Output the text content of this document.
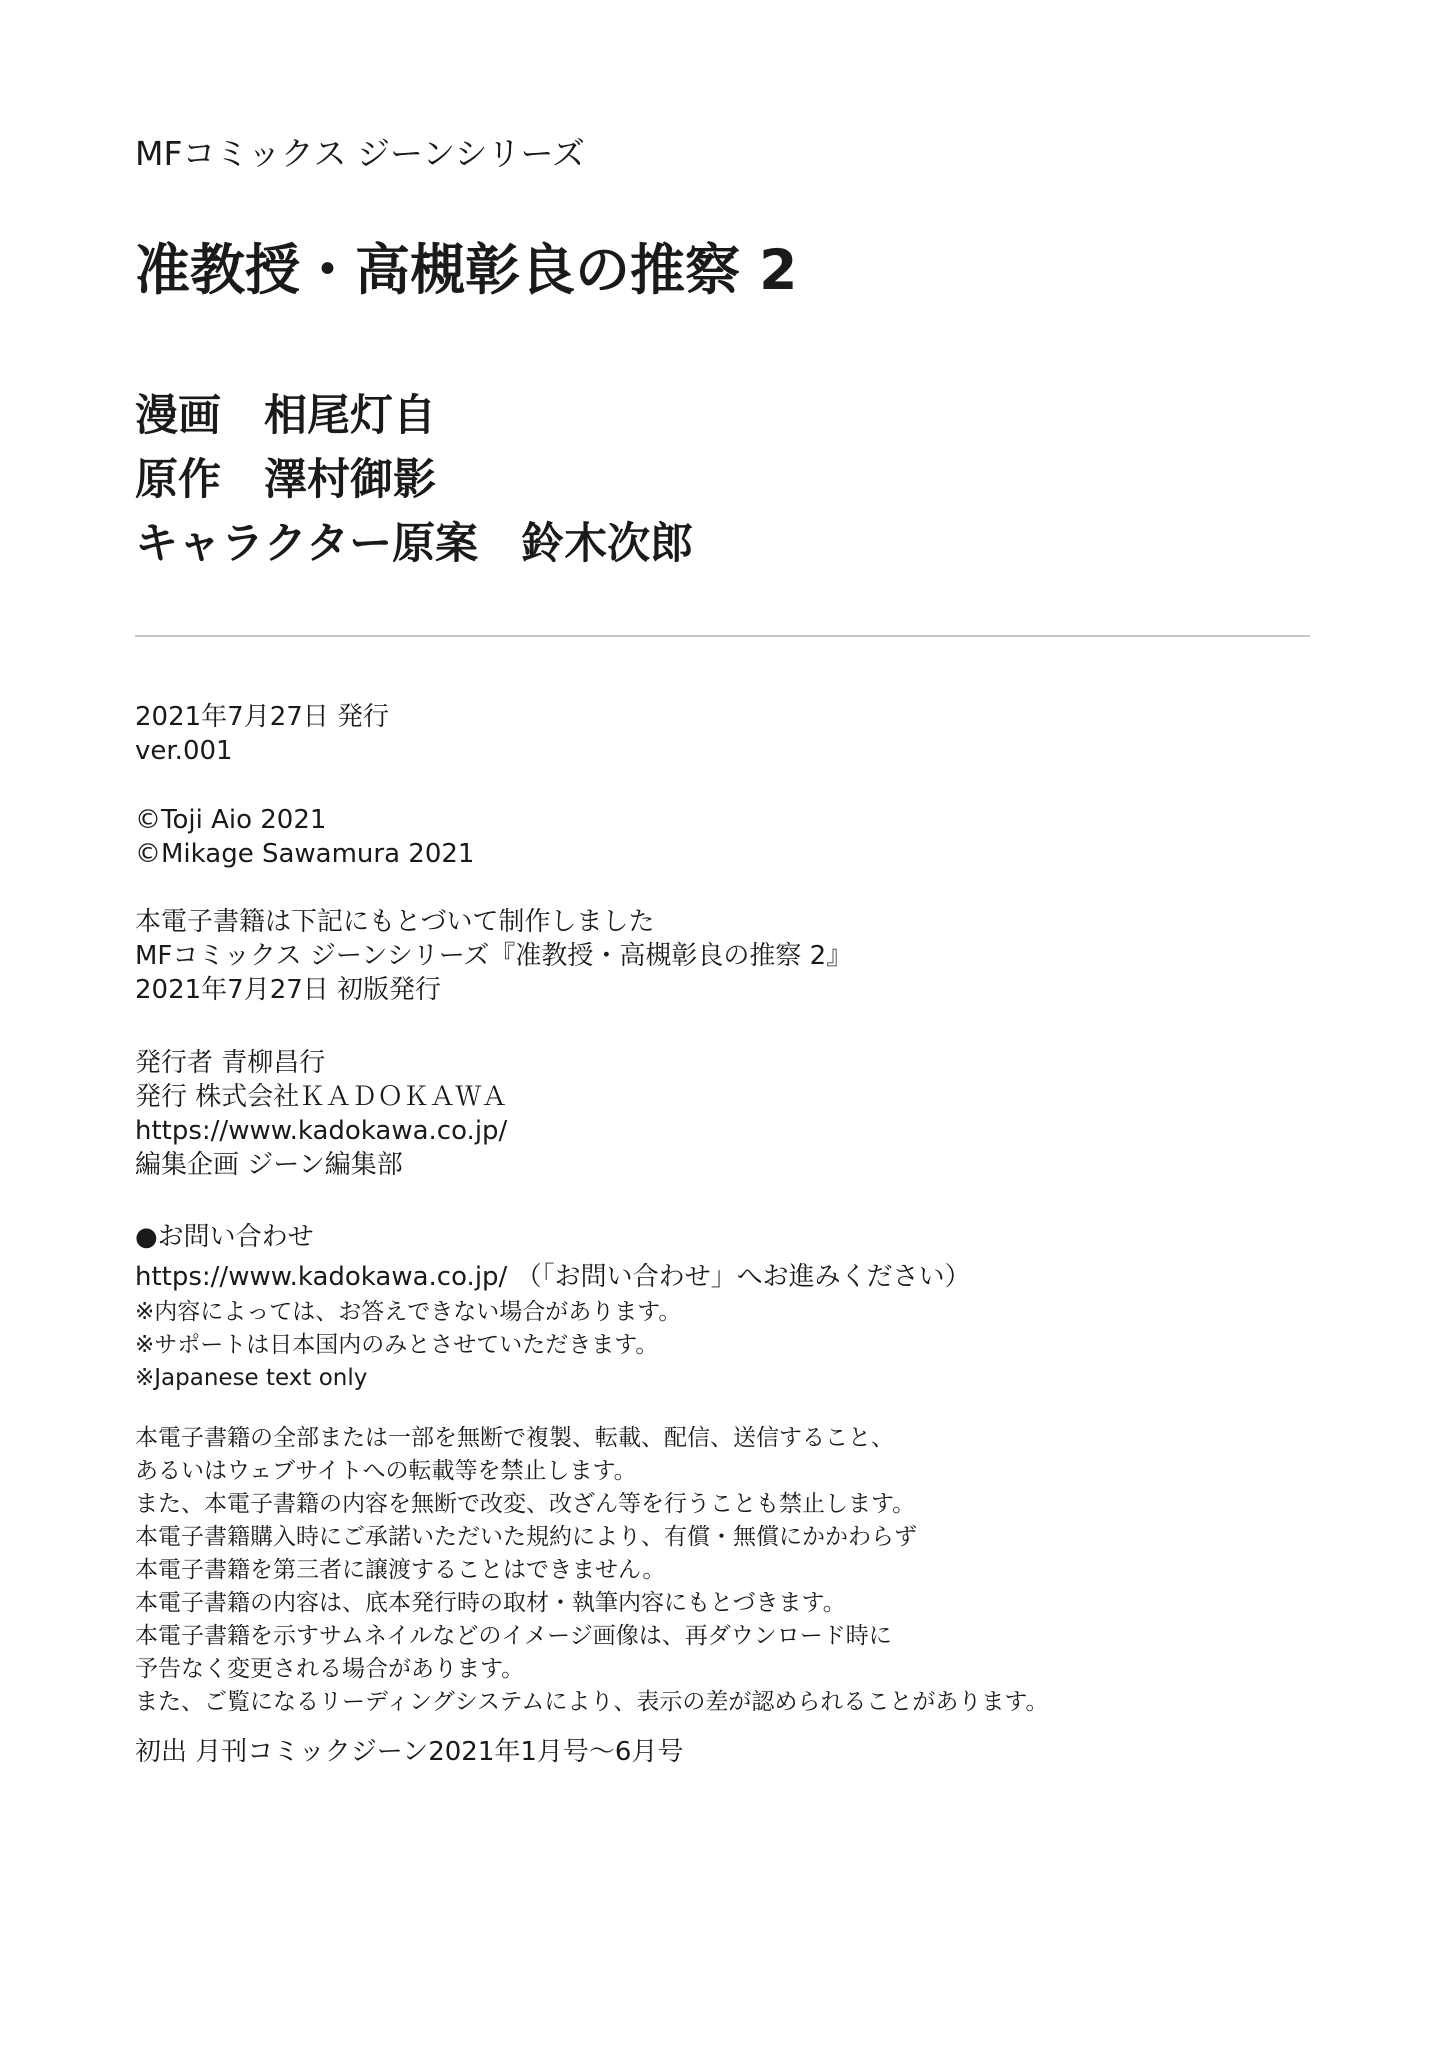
MFコミックス ジーンシリーズ
准教授・高槻彰良の推察 2
漫画 相尾灯自
原作 澤村御影
キャラクター原案 鈴木次郎
2021年7月27日 発行
ver.001
©Toji Aio 2021
©Mikage Sawamura 2021
本電子書籍は下記にもとづいて制作しました
MFコミックス ジーンシリーズ『准教授・高槻彰良の推察 2』
2021年7月27日 初版発行
発行者 青柳昌行
発行 株式会社ＫＡＤＯＫＡＷＡ
https://www.kadokawa.co.jp/
編集企画 ジーン編集部
●お問い合わせ
https://www.kadokawa.co.jp/ （「お問い合わせ」へお進みください）
※内容によっては、お答えできない場合があります。
※サポートは日本国内のみとさせていただきます。
※Japanese text only
本電子書籍の全部または一部を無断で複製、転載、配信、送信すること、
あるいはウェブサイトへの転載等を禁止します。
また、本電子書籍の内容を無断で改変、改ざん等を行うことも禁止します。
本電子書籍購入時にご承諾いただいた規約により、有償・無償にかかわらず
本電子書籍を第三者に譲渡することはできません。
本電子書籍の内容は、底本発行時の取材・執筆内容にもとづきます。
本電子書籍を示すサムネイルなどのイメージ画像は、再ダウンロード時に
予告なく変更される場合があります。
また、ご覧になるリーディングシステムにより、表示の差が認められることがあります。
初出 月刊コミックジーン2021年1月号～6月号
